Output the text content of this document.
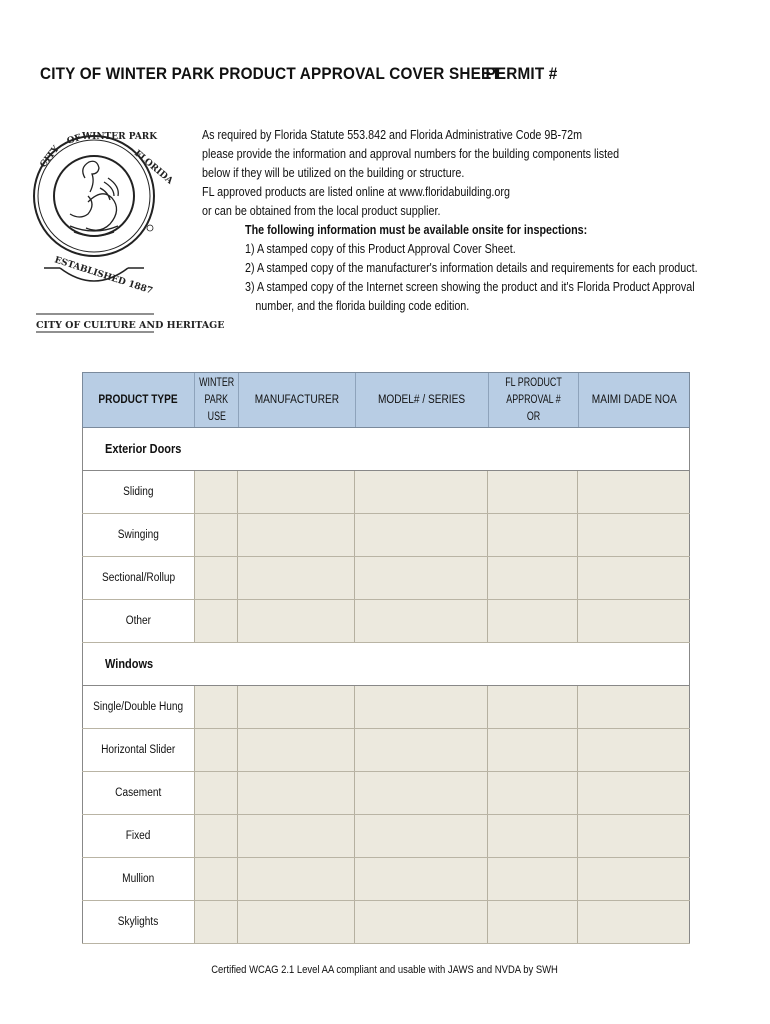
CITY OF WINTER PARK PRODUCT APPROVAL COVER SHEET
PERMIT #
CITY
OF WINTER PARK
FLORIDA
ESTABLISHED 1887
CITY OF CULTURE AND HERITAGE
As required by Florida Statute 553.842 and Florida Administrative Code 9B-72m
please provide the information and approval numbers for the building components listed
below if they will be utilized on the building or structure.
FL approved products are listed online at www.floridabuilding.org
or can be obtained from the local product supplier.
The following information must be available onsite for inspections:
1) A stamped copy of this Product Approval Cover Sheet.
2) A stamped copy of the manufacturer's information details and requirements for each product.
3) A stamped copy of the Internet screen showing the product and it's Florida Product Approval
number, and the florida building code edition.
PRODUCT TYPE
WINTER
PARK
USE
MANUFACTURER	MODEL# / SERIES
FL PRODUCT
APPROVAL # OR
MAIMI DADE NOA
Exterior Doors
Sliding
Swinging
Sectional/Rollup
Other
Windows
Single/Double Hung
Horizontal Slider
Casement
Fixed
Mullion
Skylights
Certified WCAG 2.1 Level AA compliant and usable with JAWS and NVDA by SWH
